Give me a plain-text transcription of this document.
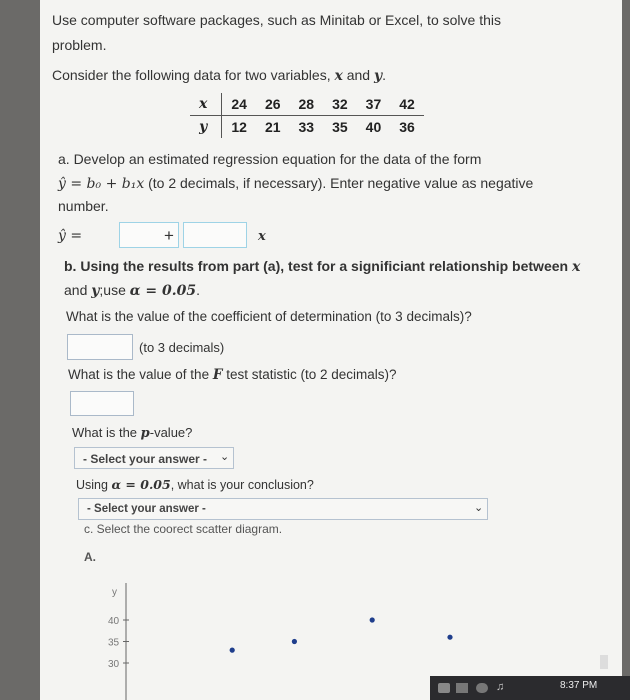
Use computer software packages, such as Minitab or Excel, to solve this
problem.
Consider the following data for two variables, x and y.
x	24	26	28	32	37	42
y	12	21	33	35	40	36
a. Develop an estimated regression equation for the data of the form
ŷ = b₀ + b₁x (to 2 decimals, if necessary). Enter negative value as negative
number.
ŷ =	+	x
b. Using the results from part (a), test for a significiant relationship between x
and y;use α = 0.05.
What is the value of the coefficient of determination (to 3 decimals)?
(to 3 decimals)
What is the value of the F test statistic (to 2 decimals)?
What is the p-value?
- Select your answer -	⌄
Using α = 0.05, what is your conclusion?
- Select your answer -	⌄
c. Select the coorect scatter diagram.
A.
y
40
35
30
♫	8:37 PM
